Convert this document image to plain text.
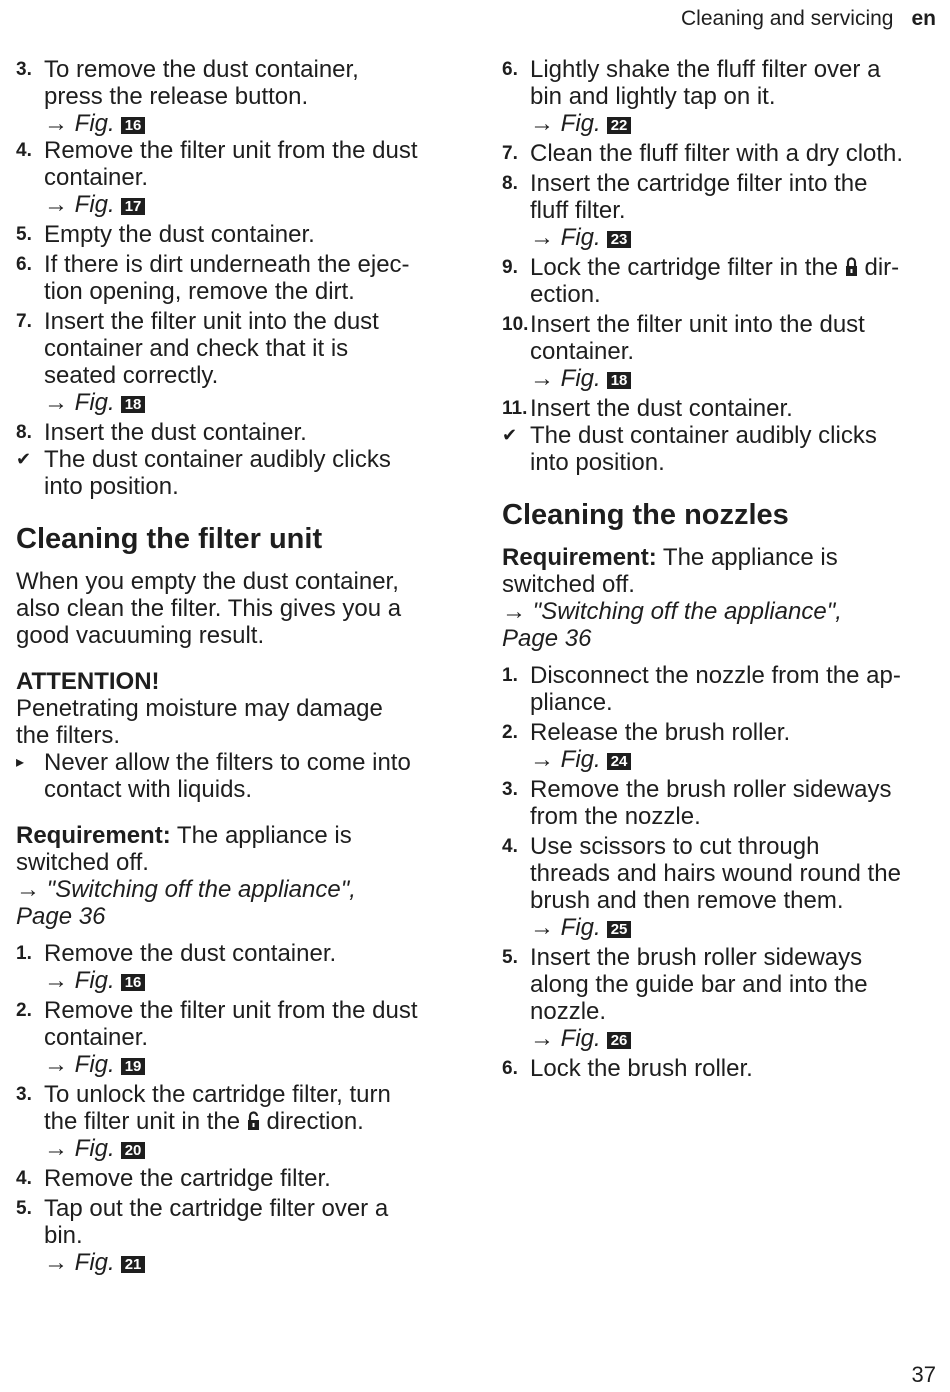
Cleaning and servicing en
3. To remove the dust container,
press the release button.
→ Fig. 16
4. Remove the filter unit from the dust
container.
→ Fig. 17
5. Empty the dust container.
6. If there is dirt underneath the ejec-
tion opening, remove the dirt.
7. Insert the filter unit into the dust
container and check that it is
seated correctly.
→ Fig. 18
8. Insert the dust container.
✔ The dust container audibly clicks
into position.
Cleaning the filter unit
When you empty the dust container,
also clean the filter. This gives you a
good vacuuming result.
ATTENTION!
Penetrating moisture may damage
the filters.
▸ Never allow the filters to come into
contact with liquids.
Requirement: The appliance is
switched off.
→ "Switching off the appliance",
Page 36
1. Remove the dust container.
→ Fig. 16
2. Remove the filter unit from the dust
container.
→ Fig. 19
3. To unlock the cartridge filter, turn
the filter unit in the direction.
→ Fig. 20
4. Remove the cartridge filter.
5. Tap out the cartridge filter over a
bin.
→ Fig. 21
6. Lightly shake the fluff filter over a
bin and lightly tap on it.
→ Fig. 22
7. Clean the fluff filter with a dry cloth.
8. Insert the cartridge filter into the
fluff filter.
→ Fig. 23
9. Lock the cartridge filter in the dir-
ection.
10. Insert the filter unit into the dust
container.
→ Fig. 18
11. Insert the dust container.
✔ The dust container audibly clicks
into position.
Cleaning the nozzles
Requirement: The appliance is
switched off.
→ "Switching off the appliance",
Page 36
1. Disconnect the nozzle from the ap-
pliance.
2. Release the brush roller.
→ Fig. 24
3. Remove the brush roller sideways
from the nozzle.
4. Use scissors to cut through
threads and hairs wound round the
brush and then remove them.
→ Fig. 25
5. Insert the brush roller sideways
along the guide bar and into the
nozzle.
→ Fig. 26
6. Lock the brush roller.
37
